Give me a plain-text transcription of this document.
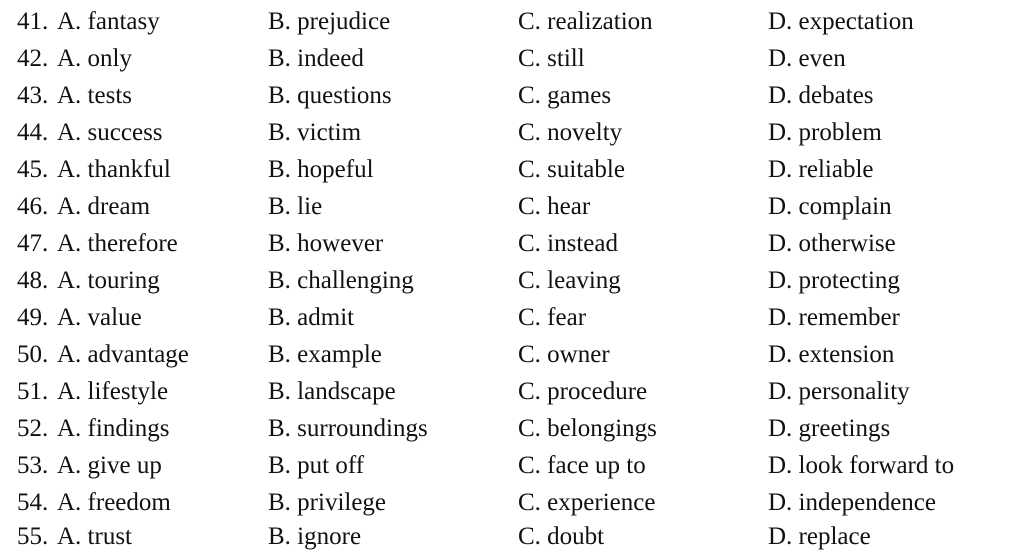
41. A. fantasy	B. prejudice	C. realization	D. expectation
42. A. only	B. indeed	C. still	D. even
43. A. tests	B. questions	C. games	D. debates
44. A. success	B. victim	C. novelty	D. problem
45. A. thankful	B. hopeful	C. suitable	D. reliable
46. A. dream	B. lie	C. hear	D. complain
47. A. therefore	B. however	C. instead	D. otherwise
48. A. touring	B. challenging	C. leaving	D. protecting
49. A. value	B. admit	C. fear	D. remember
50. A. advantage	B. example	C. owner	D. extension
51. A. lifestyle	B. landscape	C. procedure	D. personality
52. A. findings	B. surroundings	C. belongings	D. greetings
53. A. give up	B. put off	C. face up to	D. look forward to
54. A. freedom	B. privilege	C. experience	D. independence
55. A. trust	B. ignore	C. doubt	D. replace
